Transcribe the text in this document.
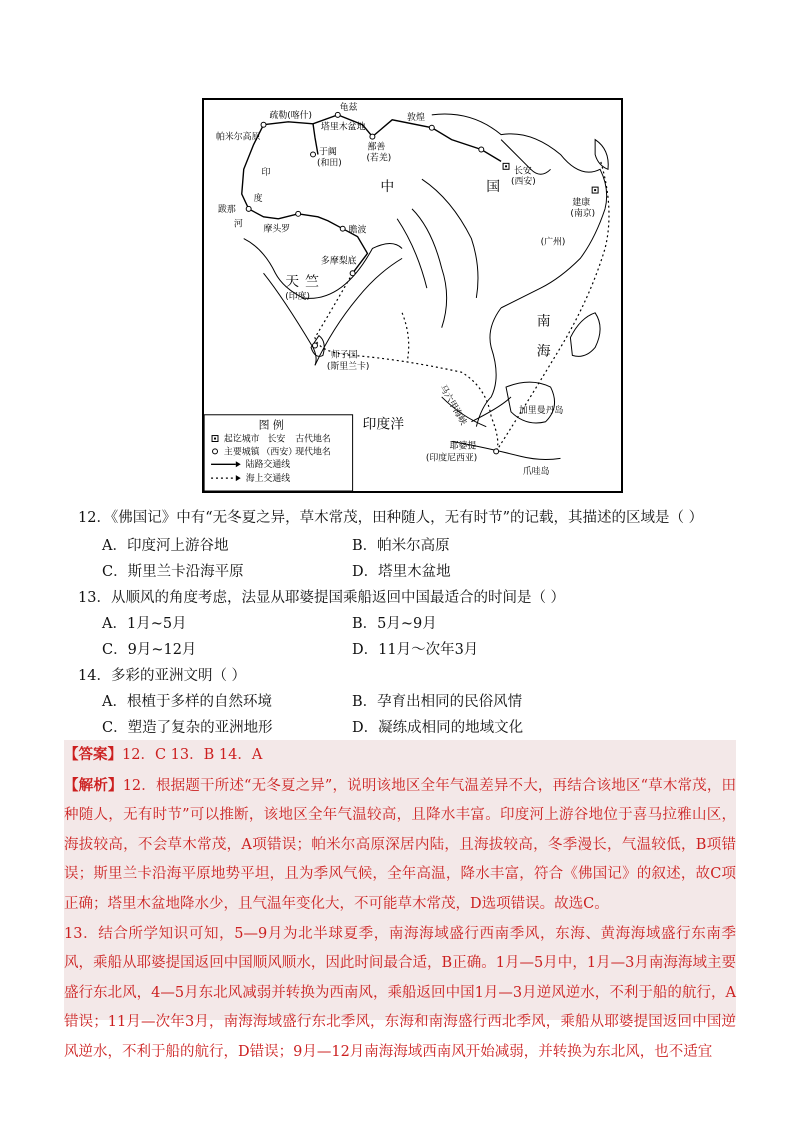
疏勒(喀什)
龟兹
塔里木盆地
帕米尔高原
于阗
(和田)
敦煌
鄯善
(若羌)
长安
(西安)
建康
(南京)
(广州)
中	国
印
度
河
跋那
摩头罗	瞻波
多摩梨底
天 竺
(印度)
师子国
(斯里兰卡)
南
海
加里曼丹岛
印度洋	马六甲海峡
耶婆提
(印度尼西亚)
爪哇岛
图 例
起讫城市 长安 古代地名
主要城镇 （西安）
现代地名
陆路交通线
海上交通线
12．《佛国记》中有“无冬夏之异，草木常茂，田种随人，无有时节”的记载，其描述的区域是（ ）
A．印度河上游谷地	B．帕米尔高原
C．斯里兰卡沿海平原	D．塔里木盆地
13．从顺风的角度考虑，法显从耶婆提国乘船返回中国最适合的时间是（ ）
A．1月~5月	B．5月~9月
C．9月~12月	D．11月～次年3月
14．多彩的亚洲文明（ ）
A．根植于多样的自然环境	B．孕育出相同的民俗风情
C．塑造了复杂的亚洲地形	D．凝练成相同的地域文化

【答案】12．C 13．B 14．A

【解析】12．根据题干所述“无冬夏之异”，说明该地区全年气温差异不大，再结合该地区“草木常茂，田种随人，无有时节”可以推断，该地区全年气温较高，且降水丰富。印度河上游谷地位于喜马拉雅山区，海拔较高，不会草木常茂，A项错误；帕米尔高原深居内陆，且海拔较高，冬季漫长，气温较低，B项错误；斯里兰卡沿海平原地势平坦，且为季风气候，全年高温，降水丰富，符合《佛国记》的叙述，故C项正确；塔里木盆地降水少，且气温年变化大，不可能草木常茂，D选项错误。故选C。

13．结合所学知识可知，5—9月为北半球夏季，南海海域盛行西南季风，东海、黄海海域盛行东南季风，乘船从耶婆提国返回中国顺风顺水，因此时间最合适，B正确。1月—5月中，1月—3月南海海域主要盛行东北风，4—5月东北风减弱并转换为西南风，乘船返回中国1月—3月逆风逆水，不利于船的航行，A错误；11月—次年3月，南海海域盛行东北季风，东海和南海盛行西北季风，乘船从耶婆提国返回中国逆风逆水，不利于船的航行，D错误；9月—12月南海海域西南风开始减弱，并转换为东北风，也不适宜
